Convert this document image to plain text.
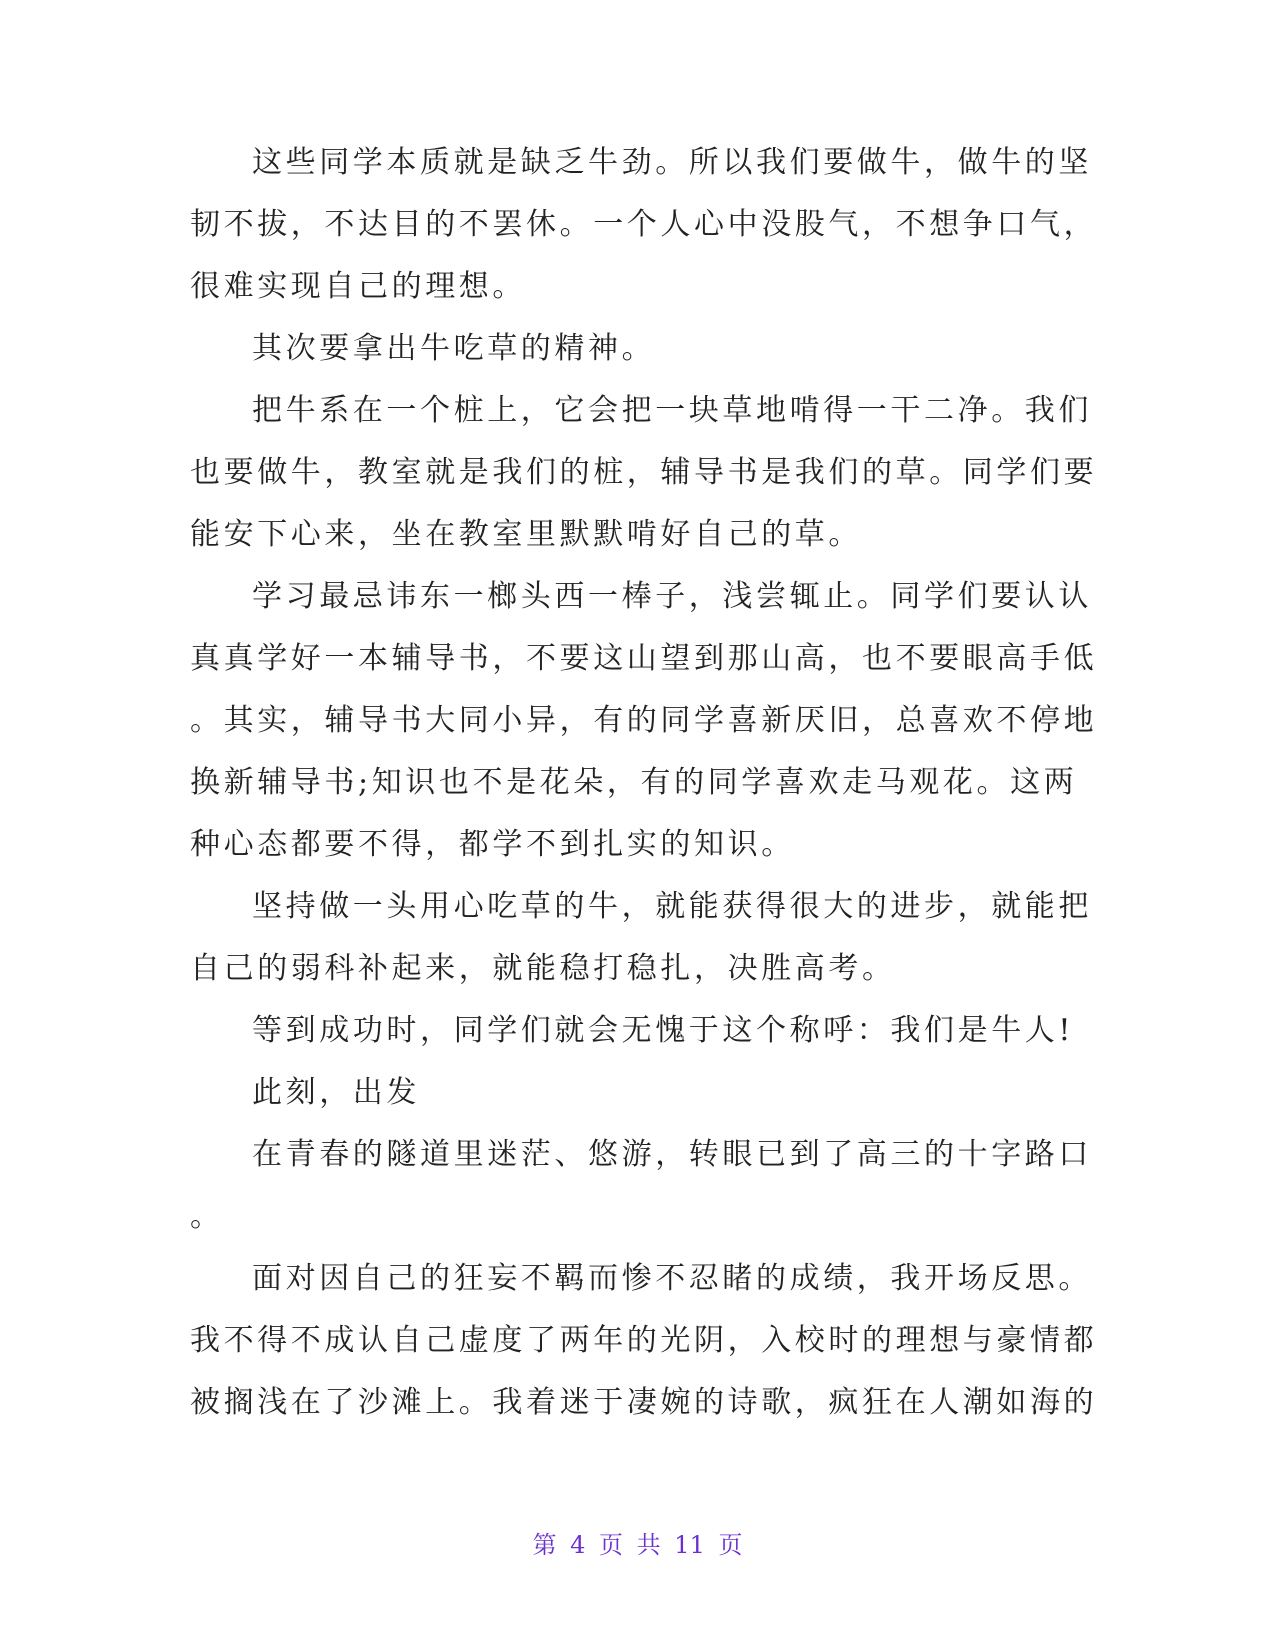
这些同学本质就是缺乏牛劲。所以我们要做牛，做牛的坚

韧不拔，不达目的不罢休。一个人心中没股气，不想争口气，

很难实现自己的理想。

其次要拿出牛吃草的精神。

把牛系在一个桩上，它会把一块草地啃得一干二净。我们

也要做牛，教室就是我们的桩，辅导书是我们的草。同学们要

能安下心来，坐在教室里默默啃好自己的草。

学习最忌讳东一榔头西一棒子，浅尝辄止。同学们要认认

真真学好一本辅导书，不要这山望到那山高，也不要眼高手低

。其实，辅导书大同小异，有的同学喜新厌旧，总喜欢不停地

换新辅导书;知识也不是花朵，有的同学喜欢走马观花。这两

种心态都要不得，都学不到扎实的知识。

坚持做一头用心吃草的牛，就能获得很大的进步，就能把

自己的弱科补起来，就能稳打稳扎，决胜高考。

等到成功时，同学们就会无愧于这个称呼：我们是牛人!

此刻，出发

在青春的隧道里迷茫、悠游，转眼已到了高三的十字路口

。

面对因自己的狂妄不羁而惨不忍睹的成绩，我开场反思。

我不得不成认自己虚度了两年的光阴，入校时的理想与豪情都

被搁浅在了沙滩上。我着迷于凄婉的诗歌，疯狂在人潮如海的

第 4 页 共 11 页
